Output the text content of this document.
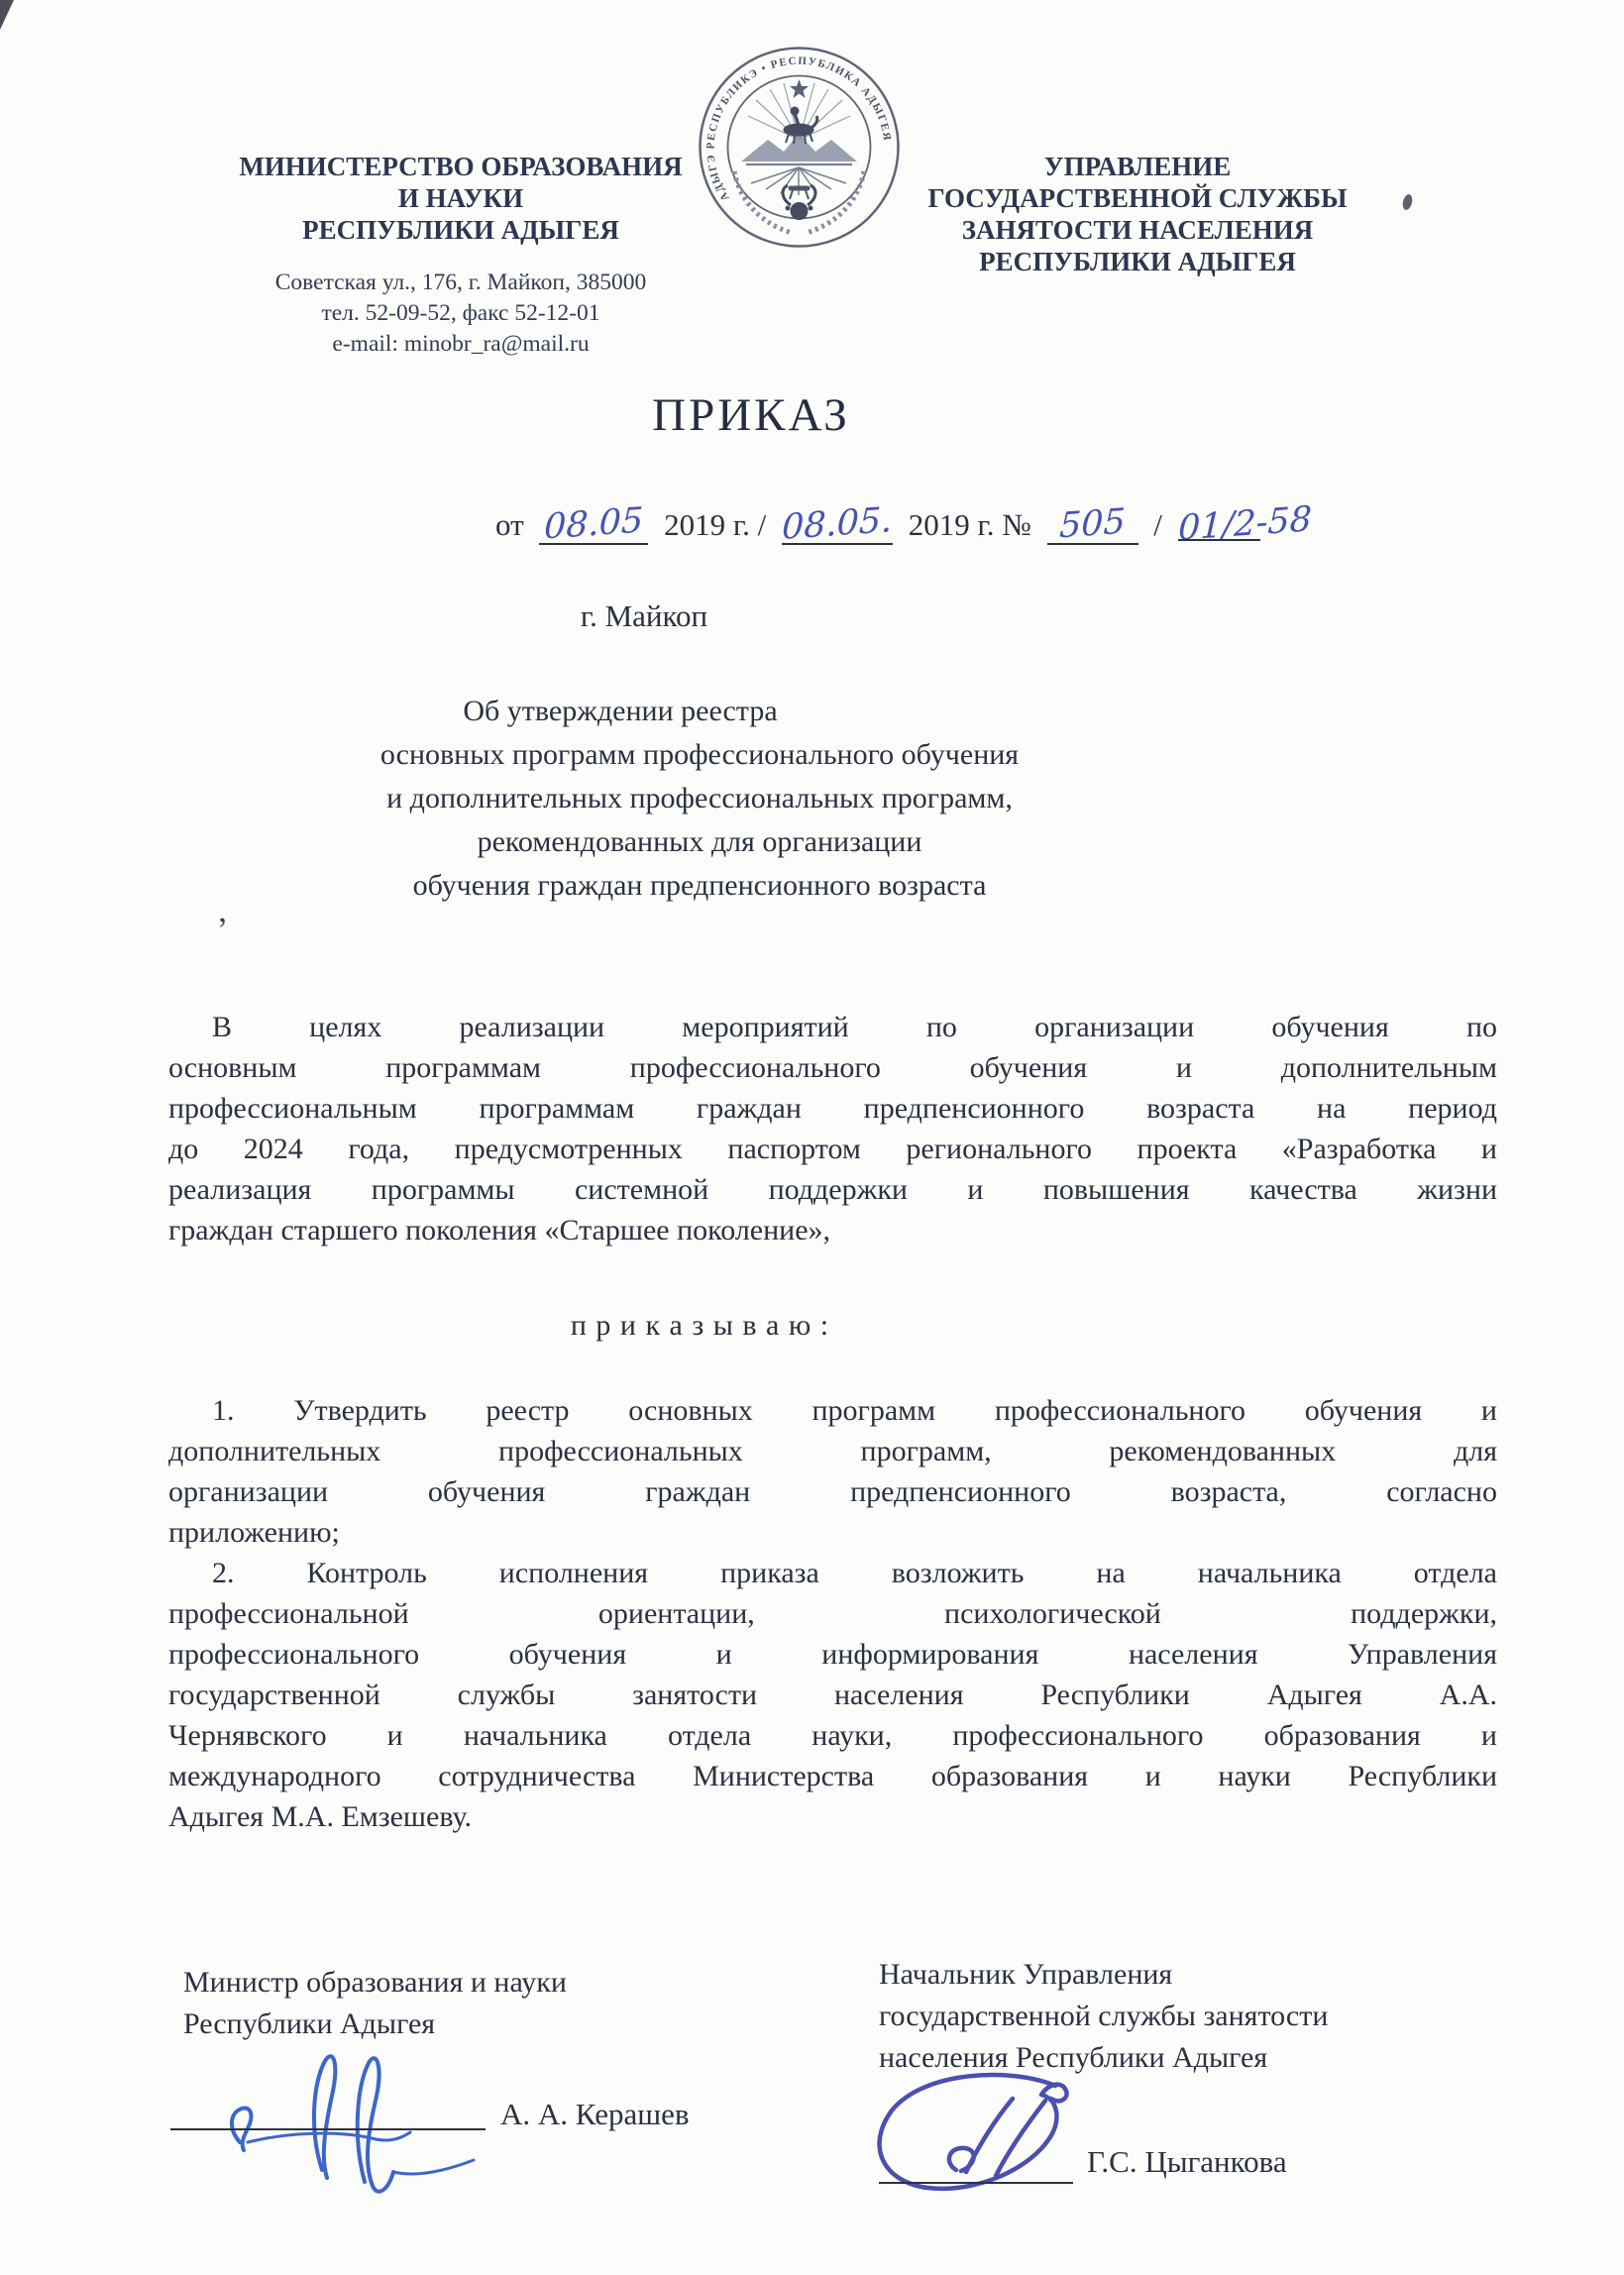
МИНИСТЕРСТВО ОБРАЗОВАНИЯ
И НАУКИ
РЕСПУБЛИКИ АДЫГЕЯ
Советская ул., 176, г. Майкоп, 385000
тел. 52-09-52, факс 52-12-01
e-mail: minobr_ra@mail.ru
АДЫГЭ РЕСПУБЛИКЭ • РЕСПУБЛИКА АДЫГЕЯ
УПРАВЛЕНИЕ
ГОСУДАРСТВЕННОЙ СЛУЖБЫ
ЗАНЯТОСТИ НАСЕЛЕНИЯ
РЕСПУБЛИКИ АДЫГЕЯ
ПРИКАЗ
от 08.05 2019 г. / 08.05. 2019 г. № 505 / 01/2-58
г. Майкоп
’
Об утверждении реестра
основных программ профессионального обучения
и дополнительных профессиональных программ,
рекомендованных для организации
обучения граждан предпенсионного возраста
В целях реализации мероприятий по организации обучения по
основным программам профессионального обучения и дополнительным
профессиональным программам граждан предпенсионного возраста на период
до 2024 года, предусмотренных паспортом регионального проекта «Разработка и
реализация программы системной поддержки и повышения качества жизни
граждан старшего поколения «Старшее поколение»,
п р и к а з ы в а ю :
1. Утвердить реестр основных программ профессионального обучения и
дополнительных профессиональных программ, рекомендованных для
организации обучения граждан предпенсионного возраста, согласно
приложению;
2. Контроль исполнения приказа возложить на начальника отдела
профессиональной ориентации, психологической поддержки,
профессионального обучения и информирования населения Управления
государственной службы занятости населения Республики Адыгея А.А.
Чернявского и начальника отдела науки, профессионального образования и
международного сотрудничества Министерства образования и науки Республики
Адыгея М.А. Емзешеву.
Министр образования и науки
Республики Адыгея
Начальник Управления
государственной службы занятости
населения Республики Адыгея
А. А. Керашев
Г.С. Цыганкова
